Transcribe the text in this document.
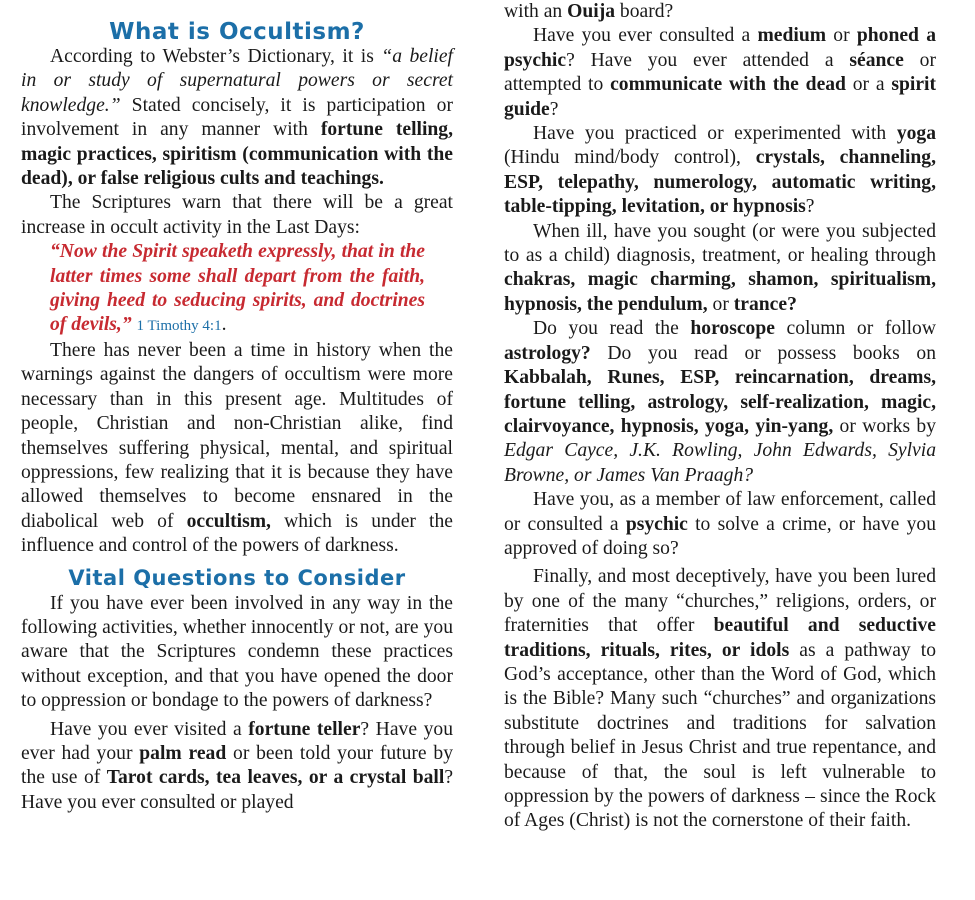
What is Occultism?

According to Webster’s Dictionary, it is “a belief in or study of supernatural powers or secret knowledge.” Stated concisely, it is participation or involvement in any manner with fortune telling, magic practices, spiritism (communication with the dead), or false religious cults and teachings.

The Scriptures warn that there will be a great increase in occult activity in the Last Days:

“Now the Spirit speaketh expressly, that in the latter times some shall depart from the faith, giving heed to seducing spirits, and doctrines of devils,” 1 Timothy 4:1.

There has never been a time in history when the warnings against the dangers of occultism were more necessary than in this present age. Multitudes of people, Christian and non-Christian alike, find themselves suffering physical, mental, and spiritual oppressions, few realizing that it is because they have allowed themselves to become ensnared in the diabolical web of occultism, which is under the influence and control of the powers of darkness.

Vital Questions to Consider

If you have ever been involved in any way in the following activities, whether innocently or not, are you aware that the Scriptures condemn these practices without exception, and that you have opened the door to oppression or bondage to the powers of darkness?

Have you ever visited a fortune teller? Have you ever had your palm read or been told your future by the use of Tarot cards, tea leaves, or a crystal ball? Have you ever consulted or played

with an Ouija board?

Have you ever consulted a medium or phoned a psychic? Have you ever attended a séance or attempted to communicate with the dead or a spirit guide?

Have you practiced or experimented with yoga (Hindu mind/body control), crystals, channeling, ESP, telepathy, numerology, automatic writing, table-tipping, levitation, or hypnosis?

When ill, have you sought (or were you subjected to as a child) diagnosis, treatment, or healing through chakras, magic charming, shamon, spiritualism, hypnosis, the pendulum, or trance?

Do you read the horoscope column or follow astrology? Do you read or possess books on Kabbalah, Runes, ESP, reincarnation, dreams, fortune telling, astrology, self-realization, magic, clairvoyance, hypnosis, yoga, yin-yang, or works by Edgar Cayce, J.K. Rowling, John Edwards, Sylvia Browne, or James Van Praagh?

Have you, as a member of law enforcement, called or consulted a psychic to solve a crime, or have you approved of doing so?

Finally, and most deceptively, have you been lured by one of the many “churches,” religions, orders, or fraternities that offer beautiful and seductive traditions, rituals, rites, or idols as a pathway to God’s acceptance, other than the Word of God, which is the Bible? Many such “churches” and organizations substitute doctrines and traditions for salvation through belief in Jesus Christ and true repentance, and because of that, the soul is left vulnerable to oppression by the powers of darkness – since the Rock of Ages (Christ) is not the cornerstone of their faith.
